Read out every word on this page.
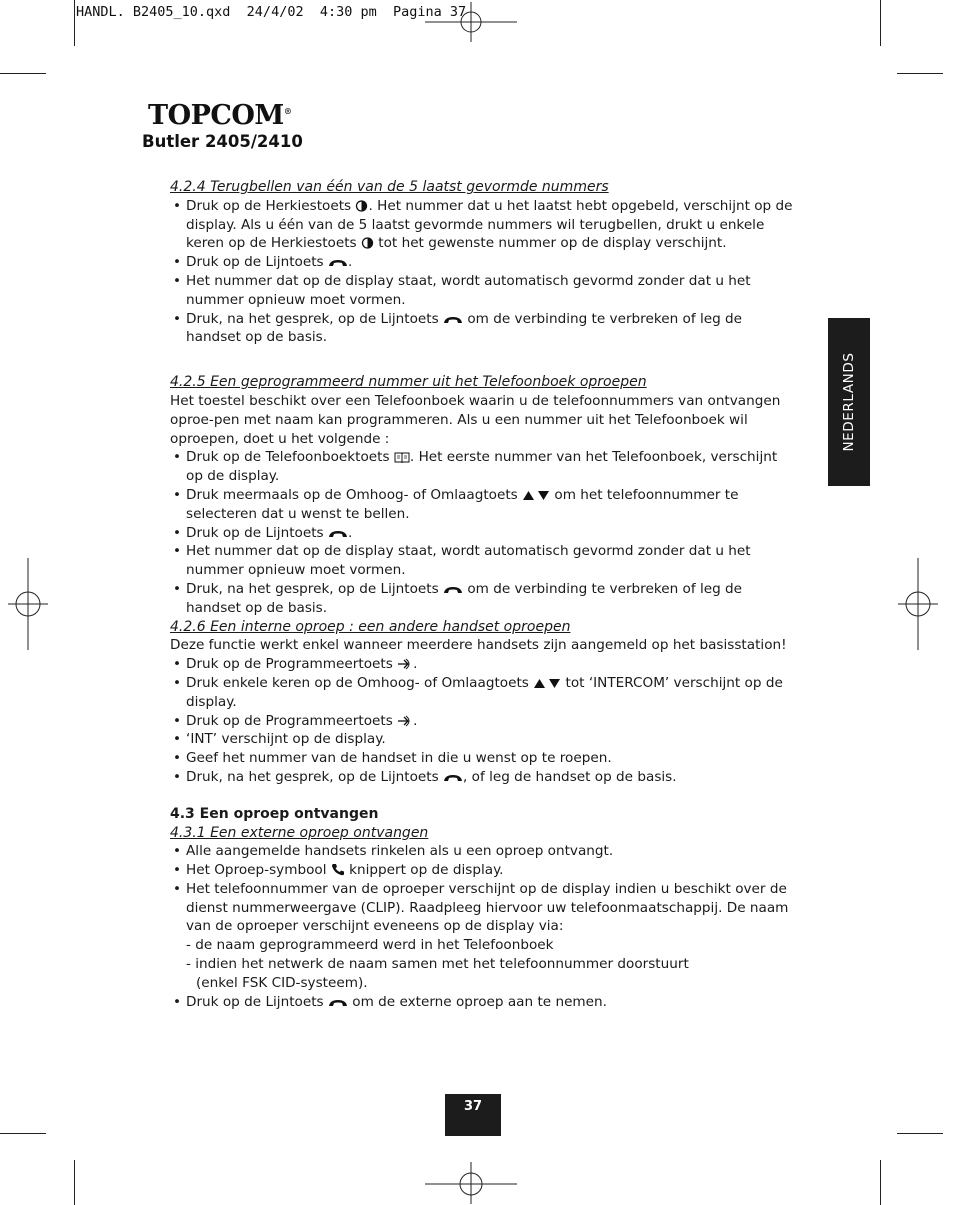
HANDL. B2405_10.qxd  24/4/02  4:30 pm  Pagina 37
TOPCOM®
Butler 2405/2410
NEDERLANDS
37

4.2.4 Terugbellen van één van de 5 laatst gevormde nummers

• Druk op de Herkiestoets . Het nummer dat u het laatst hebt opgebeld, verschijnt op de display. Als u één van de 5 laatst gevormde nummers wil terugbellen, drukt u enkele keren op de Herkiestoets  tot het gewenste nummer op de display verschijnt.
• Druk op de Lijntoets .
• Het nummer dat op de display staat, wordt automatisch gevormd zonder dat u het nummer opnieuw moet vormen.
• Druk, na het gesprek, op de Lijntoets  om de verbinding te verbreken of leg de handset op de basis.

4.2.5 Een geprogrammeerd nummer uit het Telefoonboek oproepen

Het toestel beschikt over een Telefoonboek waarin u de telefoonnummers van ontvangen oproe-pen met naam kan programmeren. Als u een nummer uit het Telefoonboek wil oproepen, doet u het volgende :

• Druk op de Telefoonboektoets . Het eerste nummer van het Telefoonboek, verschijnt op de display.
• Druk meermaals op de Omhoog- of Omlaagtoets  om het telefoonnummer te selecteren dat u wenst te bellen.
• Druk op de Lijntoets .
• Het nummer dat op de display staat, wordt automatisch gevormd zonder dat u het nummer opnieuw moet vormen.
• Druk, na het gesprek, op de Lijntoets  om de verbinding te verbreken of leg de handset op de basis.

4.2.6 Een interne oproep : een andere handset oproepen

Deze functie werkt enkel wanneer meerdere handsets zijn aangemeld op het basisstation!

• Druk op de Programmeertoets .
• Druk enkele keren op de Omhoog- of Omlaagtoets  tot ‘INTERCOM’ verschijnt op de display.
• Druk op de Programmeertoets .
• ‘INT’ verschijnt op de display.
• Geef het nummer van de handset in die u wenst op te roepen.
• Druk, na het gesprek, op de Lijntoets , of leg de handset op de basis.

4.3 Een oproep ontvangen

4.3.1 Een externe oproep ontvangen

• Alle aangemelde handsets rinkelen als u een oproep ontvangt.
• Het Oproep-symbool  knippert op de display.
• Het telefoonnummer van de oproeper verschijnt op de display indien u beschikt over de dienst nummerweergave (CLIP). Raadpleeg hiervoor uw telefoonmaatschappij. De naam van de oproeper verschijnt eveneens op de display via:

- de naam geprogrammeerd werd in het Telefoonboek

- indien het netwerk de naam samen met het telefoonnummer doorstuurt

(enkel FSK CID-systeem).

• Druk op de Lijntoets  om de externe oproep aan te nemen.
